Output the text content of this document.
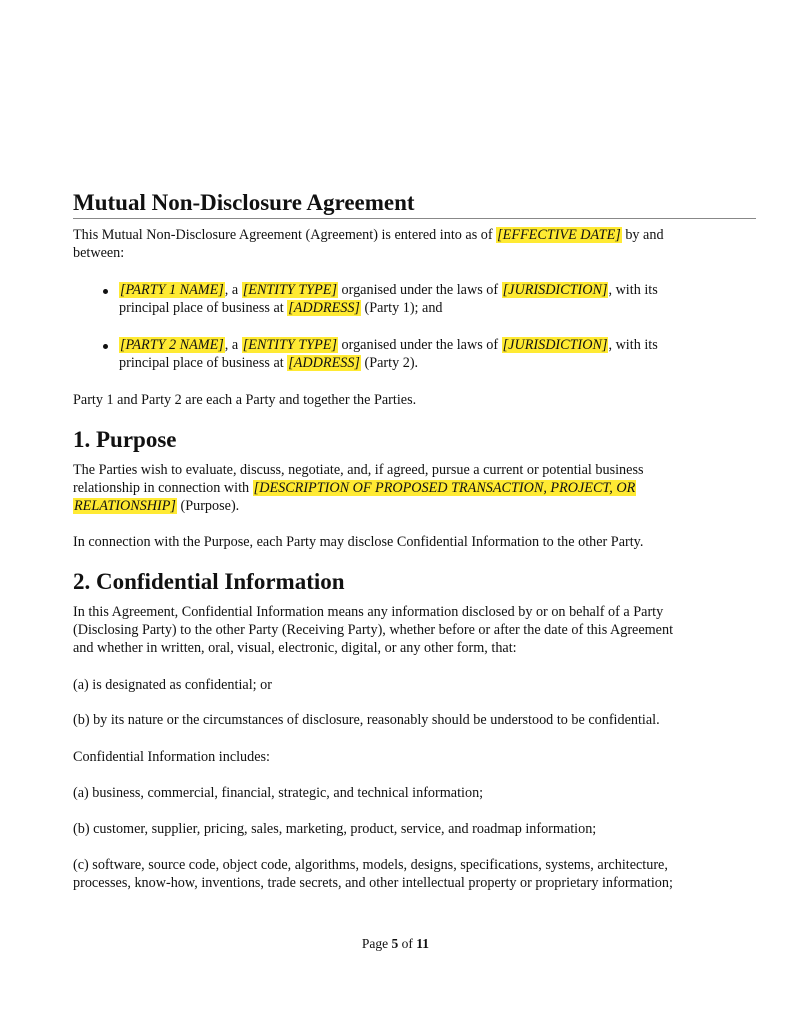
Mutual Non-Disclosure Agreement

This Mutual Non-Disclosure Agreement (Agreement) is entered into as of [EFFECTIVE DATE] by and
between:

[PARTY 1 NAME], a [ENTITY TYPE] organised under the laws of [JURISDICTION], with its
principal place of business at [ADDRESS] (Party 1); and

[PARTY 2 NAME], a [ENTITY TYPE] organised under the laws of [JURISDICTION], with its
principal place of business at [ADDRESS] (Party 2).

Party 1 and Party 2 are each a Party and together the Parties.

1. Purpose

The Parties wish to evaluate, discuss, negotiate, and, if agreed, pursue a current or potential business
relationship in connection with [DESCRIPTION OF PROPOSED TRANSACTION, PROJECT, OR
RELATIONSHIP] (Purpose).

In connection with the Purpose, each Party may disclose Confidential Information to the other Party.

2. Confidential Information

In this Agreement, Confidential Information means any information disclosed by or on behalf of a Party
(Disclosing Party) to the other Party (Receiving Party), whether before or after the date of this Agreement
and whether in written, oral, visual, electronic, digital, or any other form, that:

(a) is designated as confidential; or

(b) by its nature or the circumstances of disclosure, reasonably should be understood to be confidential.

Confidential Information includes:

(a) business, commercial, financial, strategic, and technical information;

(b) customer, supplier, pricing, sales, marketing, product, service, and roadmap information;

(c) software, source code, object code, algorithms, models, designs, specifications, systems, architecture,
processes, know-how, inventions, trade secrets, and other intellectual property or proprietary information;

Page 5 of 11
